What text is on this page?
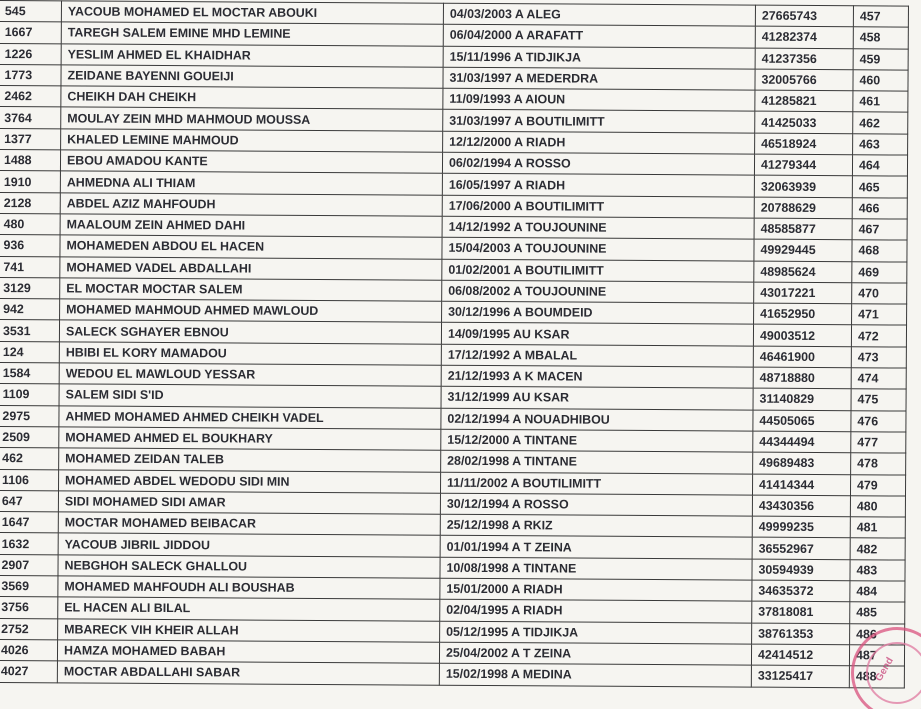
545	YACOUB MOHAMED EL MOCTAR ABOUKI	04/03/2003 A ALEG	27665743	457
1667	TAREGH SALEM EMINE MHD LEMINE	06/04/2000 A ARAFATT	41282374	458
1226	YESLIM AHMED EL KHAIDHAR	15/11/1996 A TIDJIKJA	41237356	459
1773	ZEIDANE BAYENNI GOUEIJI	31/03/1997 A MEDERDRA	32005766	460
2462	CHEIKH DAH CHEIKH	11/09/1993 A AIOUN	41285821	461
3764	MOULAY ZEIN MHD MAHMOUD MOUSSA	31/03/1997 A BOUTILIMITT	41425033	462
1377	KHALED LEMINE MAHMOUD	12/12/2000 A RIADH	46518924	463
1488	EBOU AMADOU KANTE	06/02/1994 A ROSSO	41279344	464
1910	AHMEDNA ALI THIAM	16/05/1997 A RIADH	32063939	465
2128	ABDEL AZIZ MAHFOUDH	17/06/2000 A BOUTILIMITT	20788629	466
480	MAALOUM ZEIN AHMED DAHI	14/12/1992 A TOUJOUNINE	48585877	467
936	MOHAMEDEN ABDOU EL HACEN	15/04/2003 A TOUJOUNINE	49929445	468
741	MOHAMED VADEL ABDALLAHI	01/02/2001 A BOUTILIMITT	48985624	469
3129	EL MOCTAR MOCTAR SALEM	06/08/2002 A TOUJOUNINE	43017221	470
942	MOHAMED MAHMOUD AHMED MAWLOUD	30/12/1996 A BOUMDEID	41652950	471
3531	SALECK SGHAYER EBNOU	14/09/1995 AU KSAR	49003512	472
124	HBIBI EL KORY MAMADOU	17/12/1992 A MBALAL	46461900	473
1584	WEDOU EL MAWLOUD YESSAR	21/12/1993 A K MACEN	48718880	474
1109	SALEM SIDI S'ID	31/12/1999 AU KSAR	31140829	475
2975	AHMED MOHAMED AHMED CHEIKH VADEL	02/12/1994 A NOUADHIBOU	44505065	476
2509	MOHAMED AHMED EL BOUKHARY	15/12/2000 A TINTANE	44344494	477
462	MOHAMED ZEIDAN TALEB	28/02/1998 A TINTANE	49689483	478
1106	MOHAMED ABDEL WEDODU SIDI MIN	11/11/2002 A BOUTILIMITT	41414344	479
647	SIDI MOHAMED SIDI AMAR	30/12/1994 A ROSSO	43430356	480
1647	MOCTAR MOHAMED BEIBACAR	25/12/1998 A RKIZ	49999235	481
1632	YACOUB JIBRIL JIDDOU	01/01/1994 A T ZEINA	36552967	482
2907	NEBGHOH SALECK GHALLOU	10/08/1998 A TINTANE	30594939	483
3569	MOHAMED MAHFOUDH ALI BOUSHAB	15/01/2000 A RIADH	34635372	484
3756	EL HACEN ALI BILAL	02/04/1995 A RIADH	37818081	485
2752	MBARECK VIH KHEIR ALLAH	05/12/1995 A TIDJIKJA	38761353	486
4026	HAMZA MOHAMED BABAH	25/04/2002 A T ZEINA	42414512	487
4027	MOCTAR ABDALLAHI SABAR	15/02/1998 A MEDINA	33125417	488
Gend
